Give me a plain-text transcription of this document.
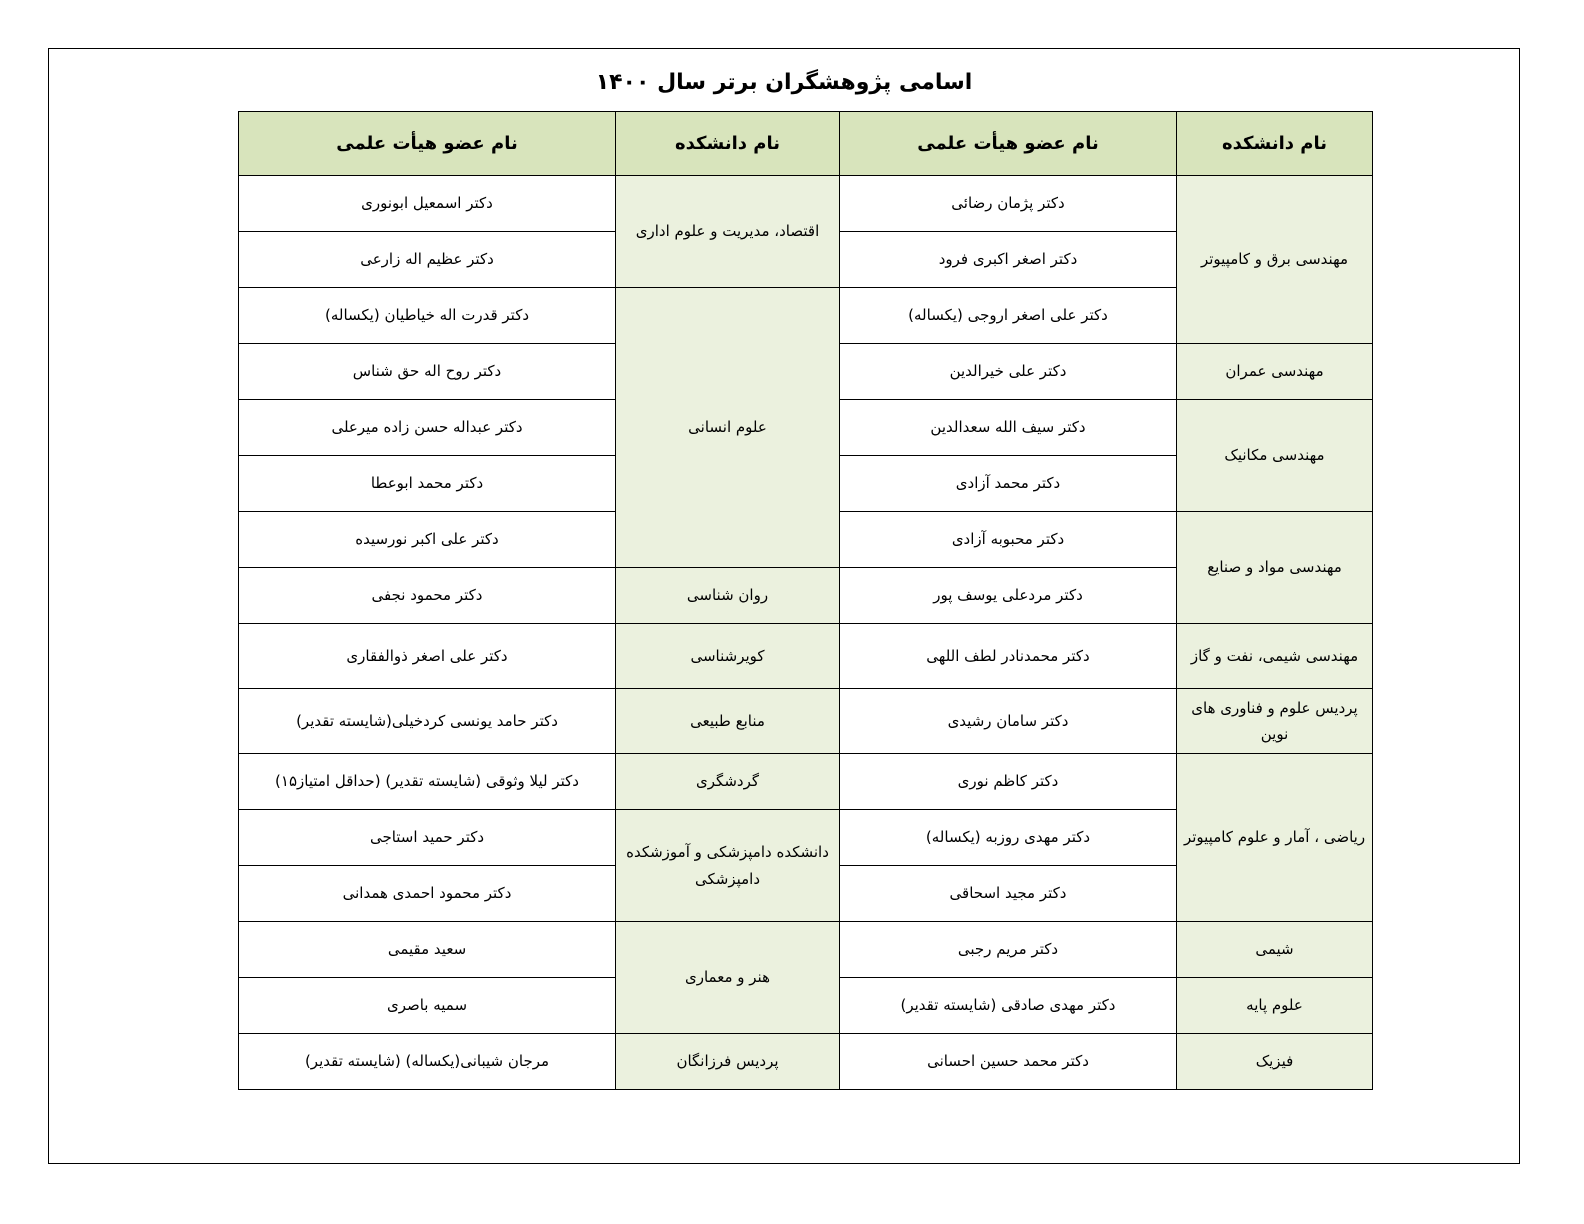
اسامی پژوهشگران برتر سال ۱۴۰۰
نام دانشکده	نام عضو هیأت علمی	نام دانشکده	نام عضو هیأت علمی
مهندسی برق و کامپیوتر	دکتر پژمان رضائی	اقتصاد، مدیریت و علوم اداری	دکتر اسمعیل ابونوری
	دکتر اصغر اکبری فرود		دکتر عظیم اله زارعی
	دکتر علی اصغر اروجی (یکساله)	علوم انسانی	دکتر قدرت اله خیاطیان (یکساله)
مهندسی عمران	دکتر علی خیرالدین		دکتر روح اله حق شناس
مهندسی مکانیک	دکتر سیف الله سعدالدین		دکتر عبداله حسن زاده میرعلی
	دکتر محمد آزادی		دکتر محمد ابوعطا
مهندسی مواد و صنایع	دکتر محبوبه آزادی		دکتر علی اکبر نورسیده
	دکتر مردعلی یوسف پور	روان شناسی	دکتر محمود نجفی
مهندسی شیمی، نفت و گاز	دکتر محمدنادر لطف اللهی	کویرشناسی	دکتر علی اصغر ذوالفقاری
پردیس علوم و فناوری های نوین	دکتر سامان رشیدی	منابع طبیعی	دکتر حامد یونسی کردخیلی(شایسته تقدیر)
ریاضی ، آمار و علوم کامپیوتر	دکتر کاظم نوری	گردشگری	دکتر لیلا وثوقی (شایسته تقدیر) (حداقل امتیاز۱۵)
	دکتر مهدی روزبه (یکساله)	دانشکده دامپزشکی و آموزشکده دامپزشکی	دکتر حمید استاجی
	دکتر مجید اسحاقی		دکتر محمود احمدی همدانی
شیمی	دکتر مریم رجبی	هنر و معماری	سعید مقیمی
علوم پایه	دکتر مهدی صادقی (شایسته تقدیر)		سمیه باصری
فیزیک	دکتر محمد حسین احسانی	پردیس فرزانگان	مرجان شیبانی(یکساله) (شایسته تقدیر)
